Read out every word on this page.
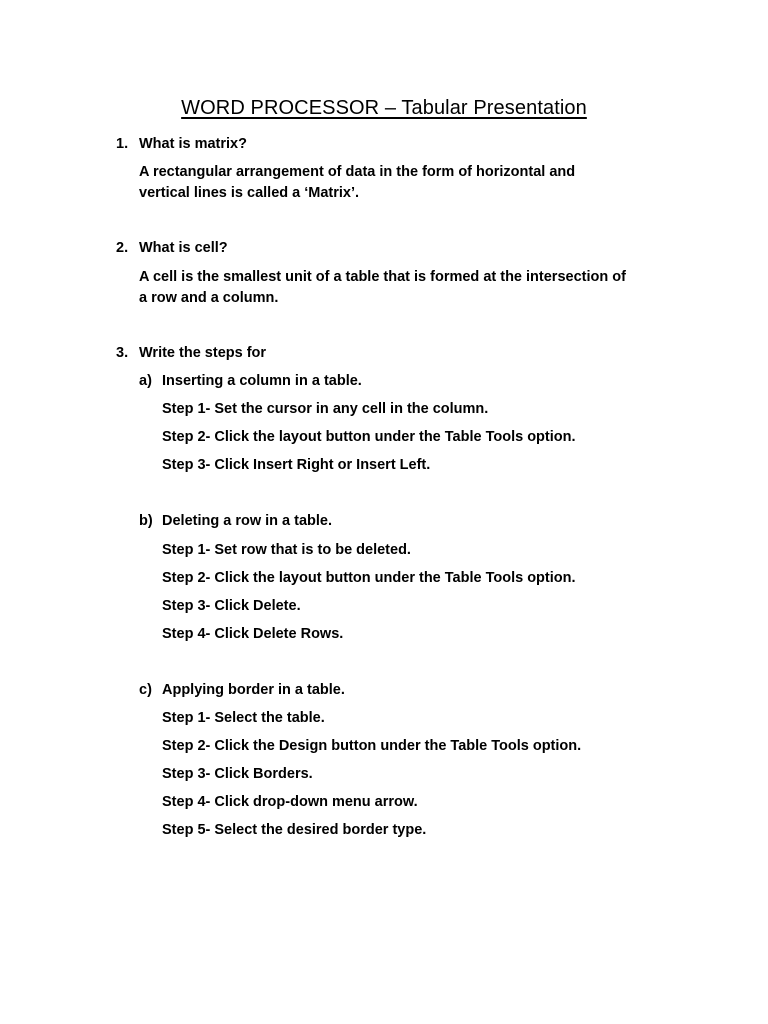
WORD PROCESSOR – Tabular Presentation
1. What is matrix?
A rectangular arrangement of data in the form of horizontal and
vertical lines is called a ‘Matrix’.
2. What is cell?
A cell is the smallest unit of a table that is formed at the intersection of
a row and a column.
3. Write the steps for
a) Inserting a column in a table.
Step 1- Set the cursor in any cell in the column.
Step 2- Click the layout button under the Table Tools option.
Step 3- Click Insert Right or Insert Left.
b) Deleting a row in a table.
Step 1- Set row that is to be deleted.
Step 2- Click the layout button under the Table Tools option.
Step 3- Click Delete.
Step 4- Click Delete Rows.
c) Applying border in a table.
Step 1- Select the table.
Step 2- Click the Design button under the Table Tools option.
Step 3- Click Borders.
Step 4- Click drop-down menu arrow.
Step 5- Select the desired border type.
